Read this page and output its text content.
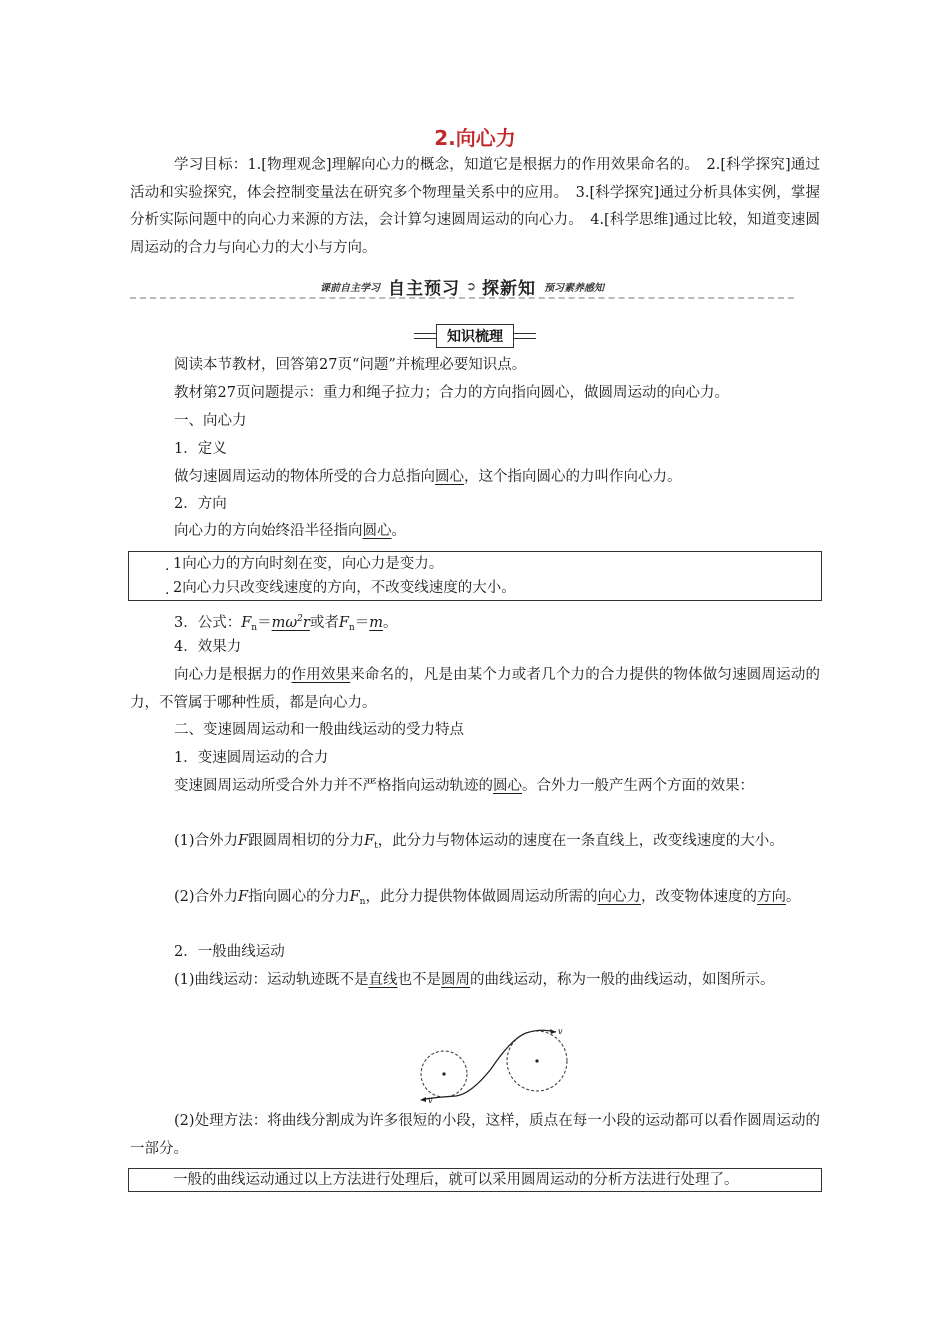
2.向心力

学习目标：1.[物理观念]理解向心力的概念，知道它是根据力的作用效果命名的。　2.[科学探究]通过活动和实验探究，体会控制变量法在研究多个物理量关系中的应用。　3.[科学探究]通过分析具体实例，掌握分析实际问题中的向心力来源的方法，会计算匀速圆周运动的向心力。　4.[科学思维]通过比较，知道变速圆周运动的合力与向心力的大小与方向。

课前自主学习 自主预习 ➲ 探新知 预习素养感知
知识梳理

阅读本节教材，回答第27页“问题”并梳理必要知识点。

教材第27页问题提示：重力和绳子拉力；合力的方向指向圆心，做圆周运动的向心力。

一、向心力

1．定义

做匀速圆周运动的物体所受的合力总指向圆心，这个指向圆心的力叫作向心力。

2．方向

向心力的方向始终沿半径指向圆心。

· 1向心力的方向时刻在变，向心力是变力。

· 2向心力只改变线速度的方向，不改变线速度的大小。

3．公式：$F_n=m\omega^2r$或者$F_n=m$。

4．效果力

向心力是根据力的作用效果来命名的，凡是由某个力或者几个力的合力提供的物体做匀速圆周运动的力，不管属于哪种性质，都是向心力。

二、变速圆周运动和一般曲线运动的受力特点

1．变速圆周运动的合力

变速圆周运动所受合外力并不严格指向运动轨迹的圆心。合外力一般产生两个方面的效果：

(1)合外力F跟圆周相切的分力$F_t$，此分力与物体运动的速度在一条直线上，改变线速度的大小。

(2)合外力F指向圆心的分力$F_n$，此分力提供物体做圆周运动所需的向心力，改变物体速度的方向。

2．一般曲线运动

(1)曲线运动：运动轨迹既不是直线也不是圆周的曲线运动，称为一般的曲线运动，如图所示。

v
v

(2)处理方法：将曲线分割成为许多很短的小段，这样，质点在每一小段的运动都可以看作圆周运动的一部分。

一般的曲线运动通过以上方法进行处理后，就可以采用圆周运动的分析方法进行处理了。
